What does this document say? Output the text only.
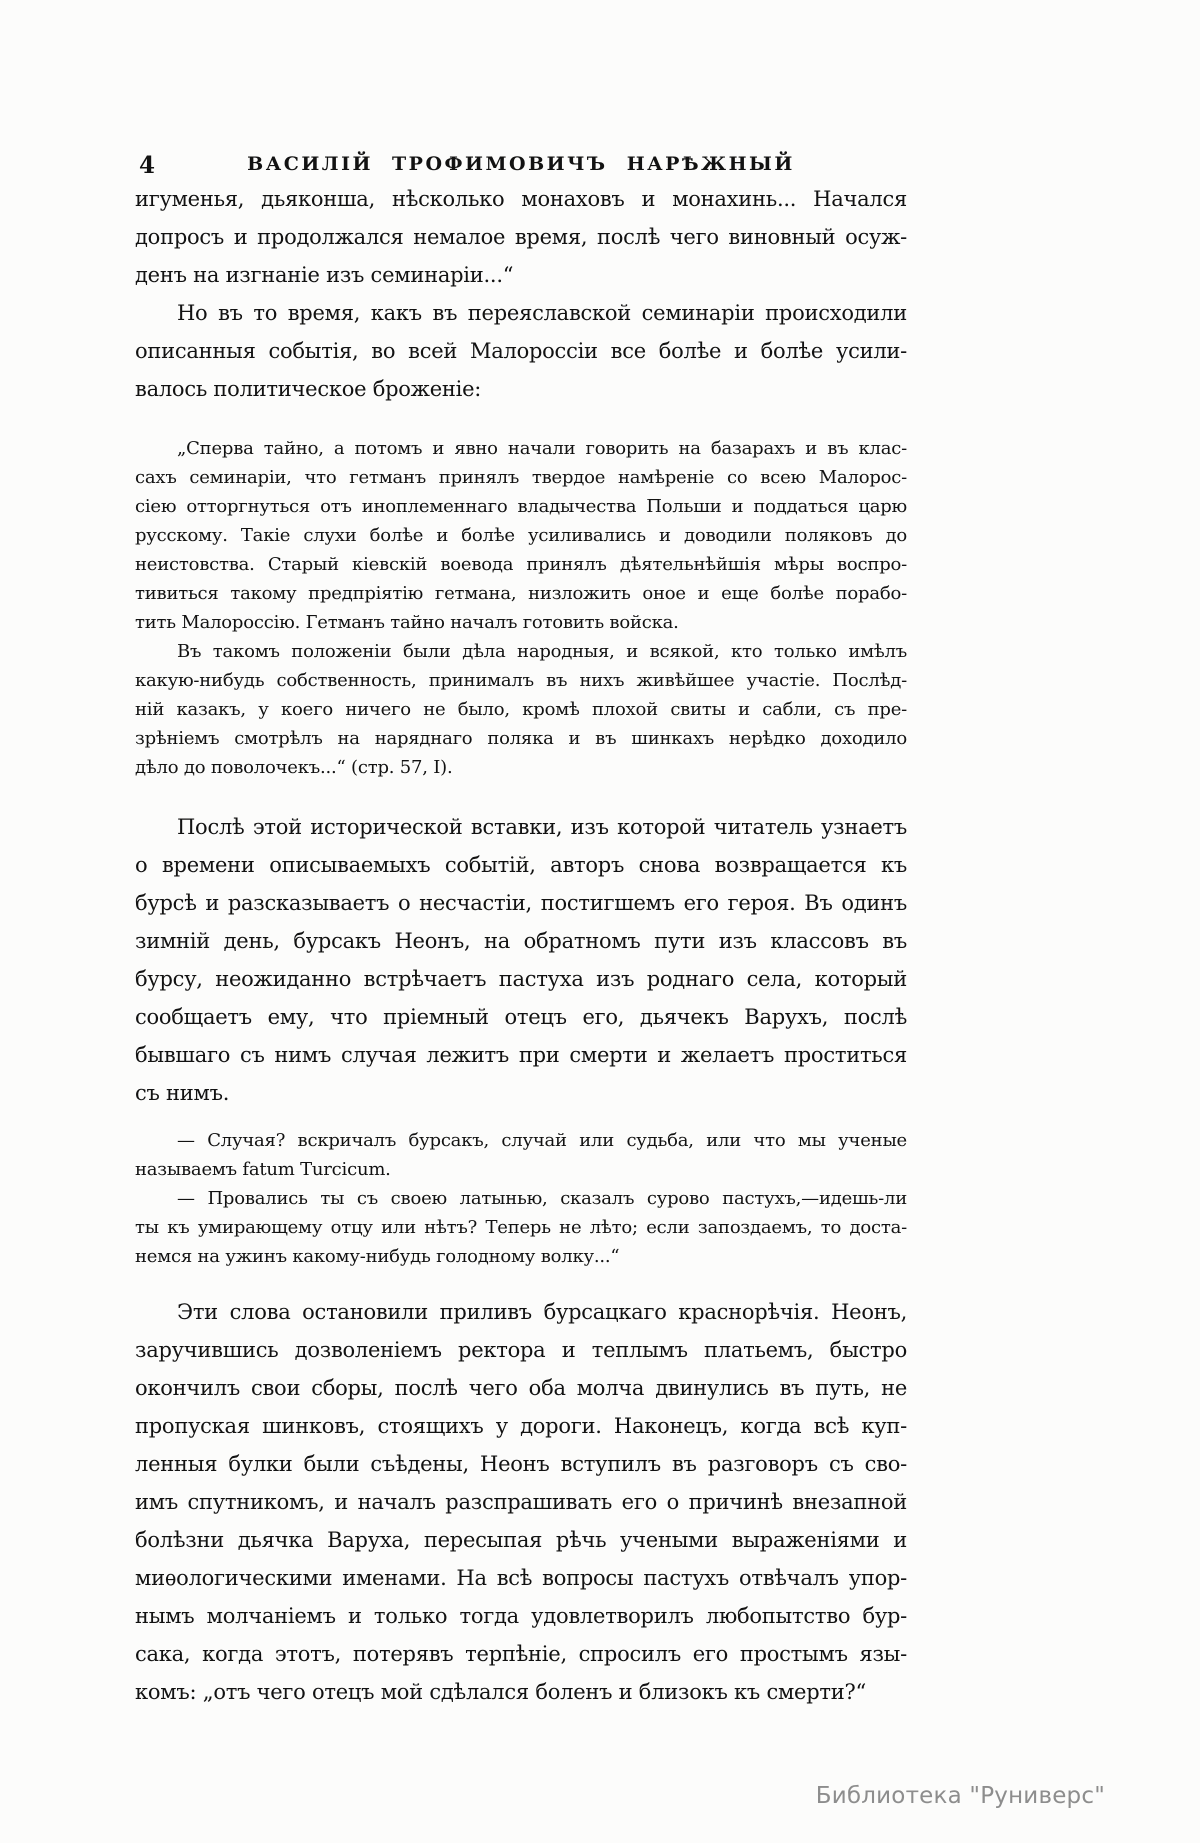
4	ВАСИЛІЙ ТРОФИМОВИЧЪ НАРѢЖНЫЙ
игуменья, дьяконша, нѣсколько монаховъ и монахинь... Начался
допросъ и продолжался немалое время, послѣ чего виновный осуж-
денъ на изгнаніе изъ семинаріи...“
Но въ то время, какъ въ переяславской семинаріи происходили
описанныя событія, во всей Малороссіи все болѣе и болѣе усили-
валось политическое броженіе:
„Сперва тайно, а потомъ и явно начали говорить на базарахъ и въ клас-
сахъ семинаріи, что гетманъ принялъ твердое намѣреніе со всею Малорос-
сіею отторгнуться отъ иноплеменнаго владычества Польши и поддаться царю
русскому. Такіе слухи болѣе и болѣе усиливались и доводили поляковъ до
неистовства. Старый кіевскій воевода принялъ дѣятельнѣйшія мѣры воспро-
тивиться такому предпріятію гетмана, низложить оное и еще болѣе порабо-
тить Малороссію. Гетманъ тайно началъ готовить войска.
Въ такомъ положеніи были дѣла народныя, и всякой, кто только имѣлъ
какую-нибудь собственность, принималъ въ нихъ живѣйшее участіе. Послѣд-
ній казакъ, у коего ничего не было, кромѣ плохой свиты и сабли, съ пре-
зрѣніемъ смотрѣлъ на наряднаго поляка и въ шинкахъ нерѣдко доходило
дѣло до поволочекъ...“ (стр. 57, I).
Послѣ этой исторической вставки, изъ которой читатель узнаетъ
о времени описываемыхъ событій, авторъ снова возвращается къ
бурсѣ и разсказываетъ о несчастіи, постигшемъ его героя. Въ одинъ
зимній день, бурсакъ Неонъ, на обратномъ пути изъ классовъ въ
бурсу, неожиданно встрѣчаетъ пастуха изъ роднаго села, который
сообщаетъ ему, что пріемный отецъ его, дьячекъ Варухъ, послѣ
бывшаго съ нимъ случая лежитъ при смерти и желаетъ проститься
съ нимъ.
— Случая? вскричалъ бурсакъ, случай или судьба, или что мы ученые
называемъ fatum Turcicum.
— Провались ты съ своею латынью, сказалъ сурово пастухъ,—идешь-ли
ты къ умирающему отцу или нѣтъ? Теперь не лѣто; если запоздаемъ, то доста-
немся на ужинъ какому-нибудь голодному волку...“
Эти слова остановили приливъ бурсацкаго краснорѣчія. Неонъ,
заручившись дозволеніемъ ректора и теплымъ платьемъ, быстро
окончилъ свои сборы, послѣ чего оба молча двинулись въ путь, не
пропуская шинковъ, стоящихъ у дороги. Наконецъ, когда всѣ куп-
ленныя булки были съѣдены, Неонъ вступилъ въ разговоръ съ сво-
имъ спутникомъ, и началъ разспрашивать его о причинѣ внезапной
болѣзни дьячка Варуха, пересыпая рѣчь учеными выраженіями и
миѳологическими именами. На всѣ вопросы пастухъ отвѣчалъ упор-
нымъ молчаніемъ и только тогда удовлетворилъ любопытство бур-
сака, когда этотъ, потерявъ терпѣніе, спросилъ его простымъ язы-
комъ: „отъ чего отецъ мой сдѣлался боленъ и близокъ къ смерти?“
Библиотека "Руниверс"
